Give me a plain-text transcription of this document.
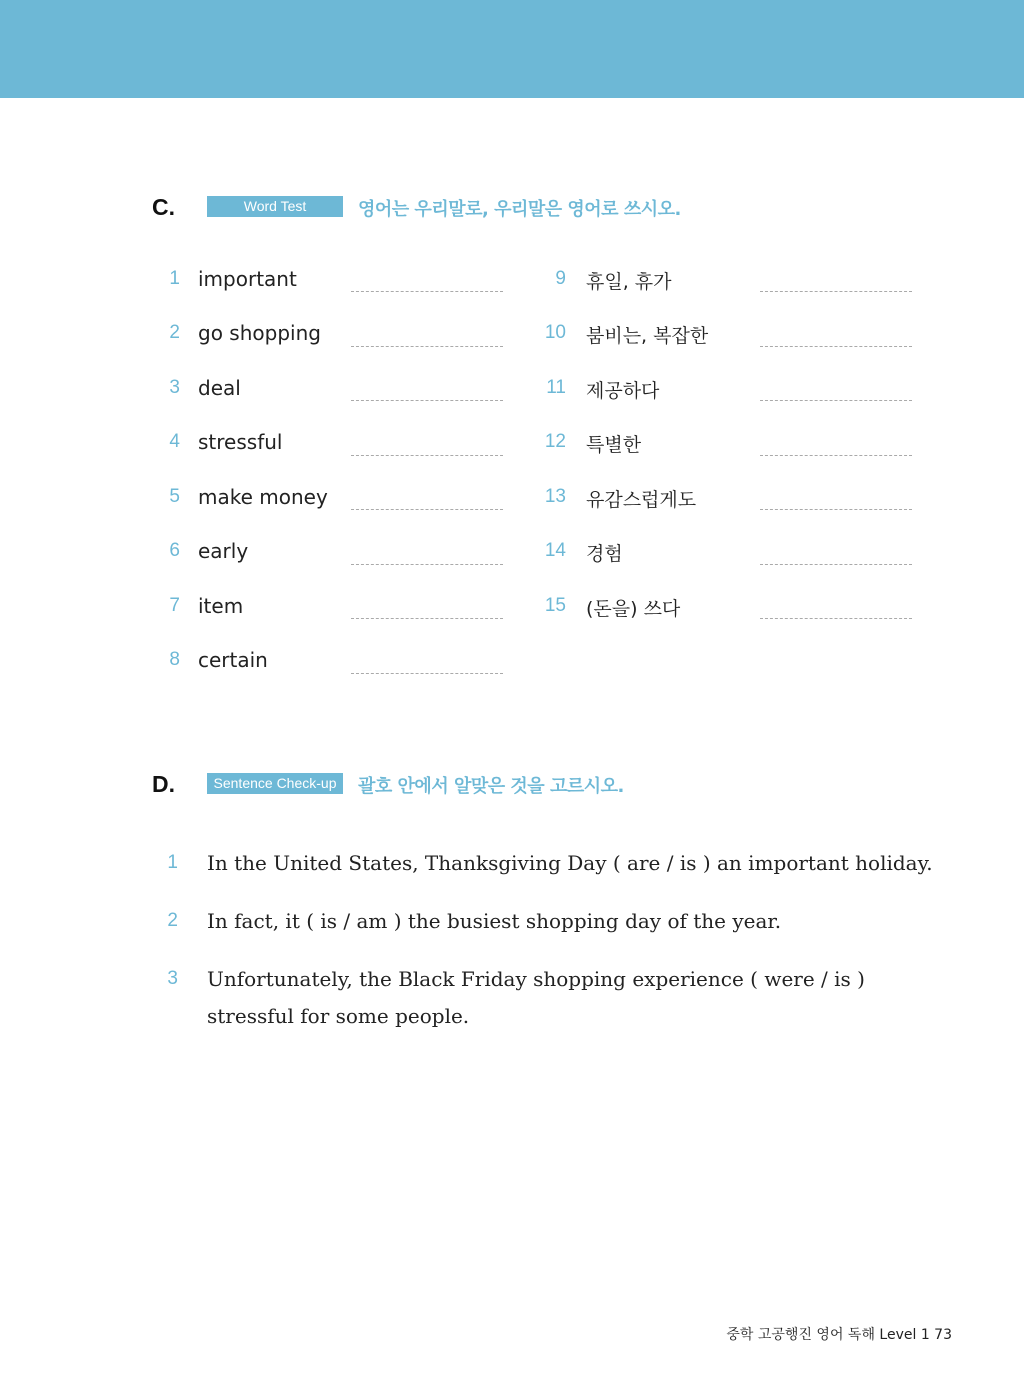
C.	Word Test	영어는 우리말로, 우리말은 영어로 쓰시오.
1 important
2 go shopping
3 deal
4 stressful
5 make money
6 early
7 item
8 certain
9 휴일, 휴가
10 붐비는, 복잡한
11 제공하다
12 특별한
13 유감스럽게도
14 경험
15 (돈을) 쓰다
D.	Sentence Check-up	괄호 안에서 알맞은 것을 고르시오.
1 In the United States, Thanksgiving Day ( are / is ) an important holiday.
2 In fact, it ( is / am ) the busiest shopping day of the year.
3 Unfortunately, the Black Friday shopping experience ( were / is ) stressful for some people.
중학 고공행진 영어 독해 Level 1 73
